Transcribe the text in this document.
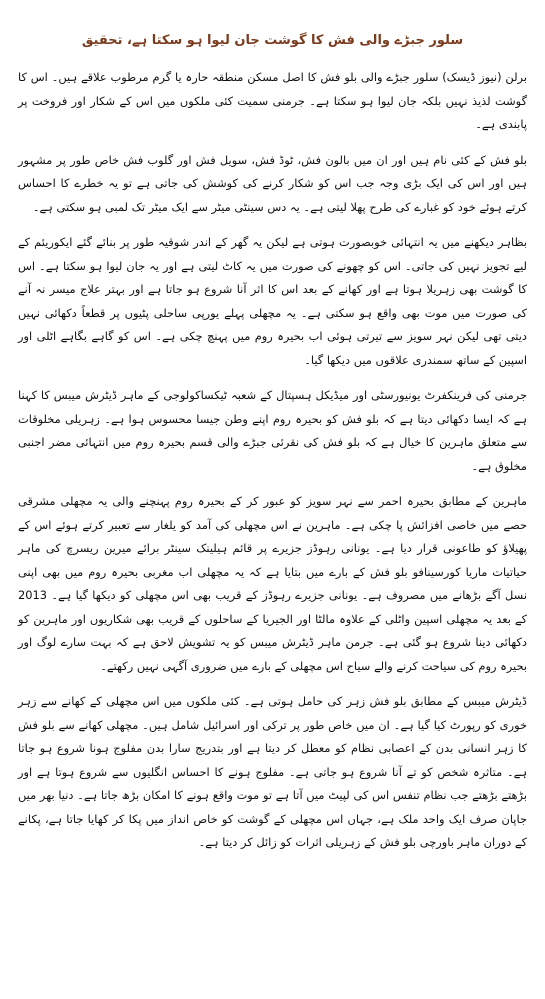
سلور جبڑے والی فش کا گوشت جان لیوا ہو سکتا ہے، تحقیق

برلن (نیوز ڈیسک) سلور جبڑے والی بلو فش کا اصل مسکن منطقہ حارہ یا گرم مرطوب علاقے ہیں۔ اس کا گوشت لذیذ نہیں بلکہ جان لیوا ہو سکتا ہے۔ جرمنی سمیت کئی ملکوں میں اس کے شکار اور فروخت پر پابندی ہے۔

بلو فش کے کئی نام ہیں اور ان میں بالون فش، ٹوڈ فش، سویل فش اور گلوب فش خاص طور پر مشہور ہیں اور اس کی ایک بڑی وجہ جب اس کو شکار کرنے کی کوشش کی جاتی ہے تو یہ خطرے کا احساس کرتے ہوئے خود کو غبارے کی طرح پھلا لیتی ہے۔ یہ دس سینٹی میٹر سے ایک میٹر تک لمبی ہو سکتی ہے۔

بظاہر دیکھنے میں یہ انتہائی خوبصورت ہوتی ہے لیکن یہ گھر کے اندر شوقیہ طور پر بنائے گئے ایکوریئم کے لیے تجویز نہیں کی جاتی۔ اس کو چھونے کی صورت میں یہ کاٹ لیتی ہے اور یہ جان لیوا ہو سکتا ہے۔ اس کا گوشت بھی زہریلا ہوتا ہے اور کھانے کے بعد اس کا اثر آنا شروع ہو جاتا ہے اور بہتر علاج میسر نہ آنے کی صورت میں موت بھی واقع ہو سکتی ہے۔ یہ مچھلی پہلے یورپی ساحلی پٹیوں پر قطعاً دکھائی نہیں دیتی تھی لیکن نہر سویز سے تیرتی ہوئی اب بحیرہ روم میں پہنچ چکی ہے۔ اس کو گاہے بگاہے اٹلی اور اسپین کے ساتھ سمندری علاقوں میں دیکھا گیا۔

جرمنی کی فرینکفرٹ یونیورسٹی اور میڈیکل ہسپتال کے شعبہ ٹیکساکولوجی کے ماہر ڈیٹرش میبس کا کہنا ہے کہ ایسا دکھائی دیتا ہے کہ بلو فش کو بحیرہ روم اپنے وطن جیسا محسوس ہوا ہے۔ زہریلی مخلوقات سے متعلق ماہرین کا خیال ہے کہ بلو فش کی نقرئی جبڑے والی قسم بحیرہ روم میں انتہائی مضر اجنبی مخلوق ہے۔

ماہرین کے مطابق بحیرہ احمر سے نہر سویز کو عبور کر کے بحیرہ روم پہنچنے والی یہ مچھلی مشرقی حصے میں خاصی افزائش پا چکی ہے۔ ماہرین نے اس مچھلی کی آمد کو یلغار سے تعبیر کرتے ہوئے اس کے پھیلاؤ کو طاعونی قرار دیا ہے۔ یونانی رہوڈز جزیرے پر قائم ہیلینک سینٹر برائے میرین ریسرچ کی ماہر حیاتیات ماریا کورسینافو بلو فش کے بارے میں بتایا ہے کہ یہ مچھلی اب مغربی بحیرہ روم میں بھی اپنی نسل آگے بڑھانے میں مصروف ہے۔ یونانی جزیرے رہوڈز کے قریب بھی اس مچھلی کو دیکھا گیا ہے۔ 2013 کے بعد یہ مچھلی اسپین واٹلی کے علاوہ مالٹا اور الجیریا کے ساحلوں کے قریب بھی شکاریوں اور ماہرین کو دکھائی دینا شروع ہو گئی ہے۔ جرمن ماہر ڈیٹرش میبس کو یہ تشویش لاحق ہے کہ بہت سارے لوگ اور بحیرہ روم کی سیاحت کرنے والے سیاح اس مچھلی کے بارے میں ضروری آگہی نہیں رکھتے۔

ڈیٹرش میبس کے مطابق بلو فش زہر کی حامل ہوتی ہے۔ کئی ملکوں میں اس مچھلی کے کھانے سے زہر خوری کو رپورٹ کیا گیا ہے۔ ان میں خاص طور پر ترکی اور اسرائیل شامل ہیں۔ مچھلی کھانے سے بلو فش کا زہر انسانی بدن کے اعصابی نظام کو معطل کر دیتا ہے اور بتدریج سارا بدن مفلوج ہونا شروع ہو جاتا ہے۔ متاثرہ شخص کو تے آنا شروع ہو جاتی ہے۔ مفلوج ہونے کا احساس انگلیوں سے شروع ہوتا ہے اور بڑھتے بڑھتے جب نظام تنفس اس کی لپیٹ میں آتا ہے تو موت واقع ہونے کا امکان بڑھ جاتا ہے۔ دنیا بھر میں جاپان صرف ایک واحد ملک ہے، جہاں اس مچھلی کے گوشت کو خاص انداز میں پکا کر کھایا جاتا ہے، پکانے کے دوران ماہر باورچی بلو فش کے زہریلی اثرات کو زائل کر دیتا ہے۔
